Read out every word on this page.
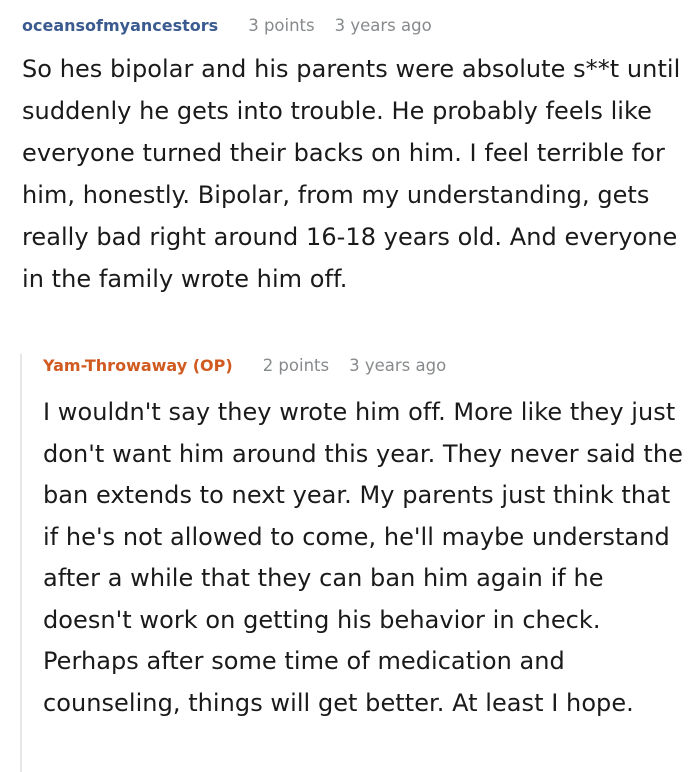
oceansofmyancestors 3 points 3 years ago

So hes bipolar and his parents were absolute s**t until suddenly he gets into trouble. He probably feels like everyone turned their backs on him. I feel terrible for him, honestly. Bipolar, from my understanding, gets really bad right around 16-18 years old. And everyone in the family wrote him off.

Yam-Throwaway (OP) 2 points 3 years ago

I wouldn't say they wrote him off. More like they just don't want him around this year. They never said the ban extends to next year. My parents just think that if he's not allowed to come, he'll maybe understand after a while that they can ban him again if he doesn't work on getting his behavior in check. Perhaps after some time of medication and counseling, things will get better. At least I hope.
